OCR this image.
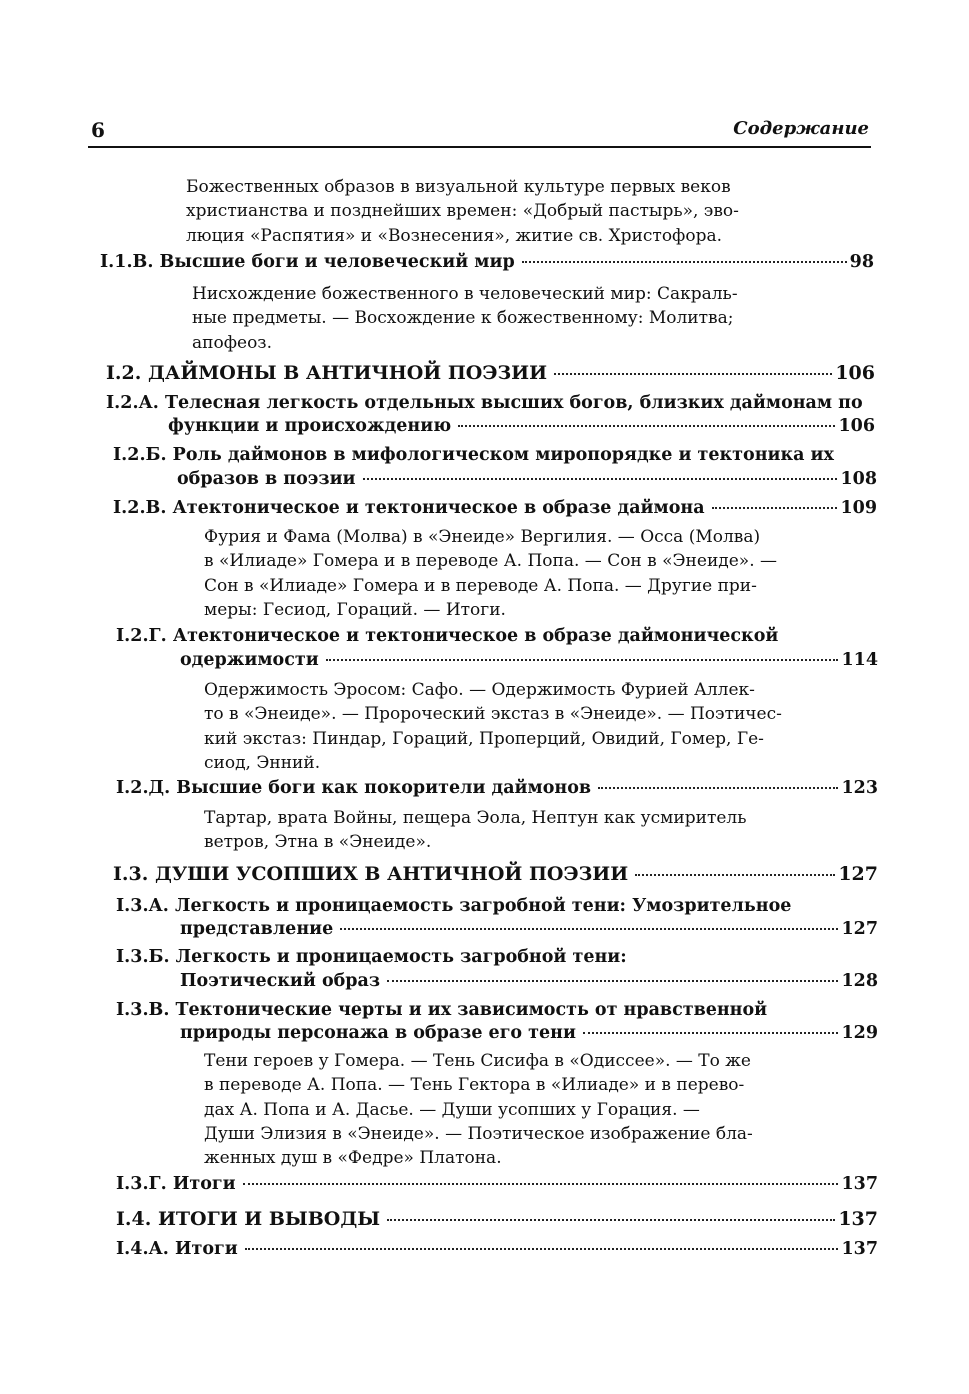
6	Содержание
Божественных образов в визуальной культуре первых веков
христианства и позднейших времен: «Добрый пастырь», эво-
люция «Распятия» и «Вознесения», житие св. Христофора.
I.1.В. Высшие боги и человеческий мир	98
Нисхождение божественного в человеческий мир: Сакраль-
ные предметы. — Восхождение к божественному: Молитва;
апофеоз.
I.2. ДАЙМОНЫ В АНТИЧНОЙ ПОЭЗИИ	106
I.2.А. Телесная легкость отдельных высших богов, близких даймонам по
функции и происхождению	106
I.2.Б. Роль даймонов в мифологическом миропорядке и тектоника их
образов в поэзии	108
I.2.В. Атектоническое и тектоническое в образе даймона	109
Фурия и Фама (Молва) в «Энеиде» Вергилия. — Осса (Молва)
в «Илиаде» Гомера и в переводе А. Попа. — Сон в «Энеиде». —
Сон в «Илиаде» Гомера и в переводе А. Попа. — Другие при-
меры: Гесиод, Гораций. — Итоги.
I.2.Г. Атектоническое и тектоническое в образе даймонической
одержимости	114
Одержимость Эросом: Сафо. — Одержимость Фурией Аллек-
то в «Энеиде». — Пророческий экстаз в «Энеиде». — Поэтичес-
кий экстаз: Пиндар, Гораций, Проперций, Овидий, Гомер, Ге-
сиод, Энний.
I.2.Д. Высшие боги как покорители даймонов	123
Тартар, врата Войны, пещера Эола, Нептун как усмиритель
ветров, Этна в «Энеиде».
I.3. ДУШИ УСОПШИХ В АНТИЧНОЙ ПОЭЗИИ	127
I.3.А. Легкость и проницаемость загробной тени: Умозрительное
представление	127
I.3.Б. Легкость и проницаемость загробной тени:
Поэтический образ	128
I.3.В. Тектонические черты и их зависимость от нравственной
природы персонажа в образе его тени	129
Тени героев у Гомера. — Тень Сисифа в «Одиссее». — То же
в переводе А. Попа. — Тень Гектора в «Илиаде» и в перево-
дах А. Попа и А. Дасье. — Души усопших у Горация. —
Души Элизия в «Энеиде». — Поэтическое изображение бла-
женных душ в «Федре» Платона.
I.3.Г. Итоги	137
I.4. ИТОГИ И ВЫВОДЫ	137
I.4.А. Итоги	137
